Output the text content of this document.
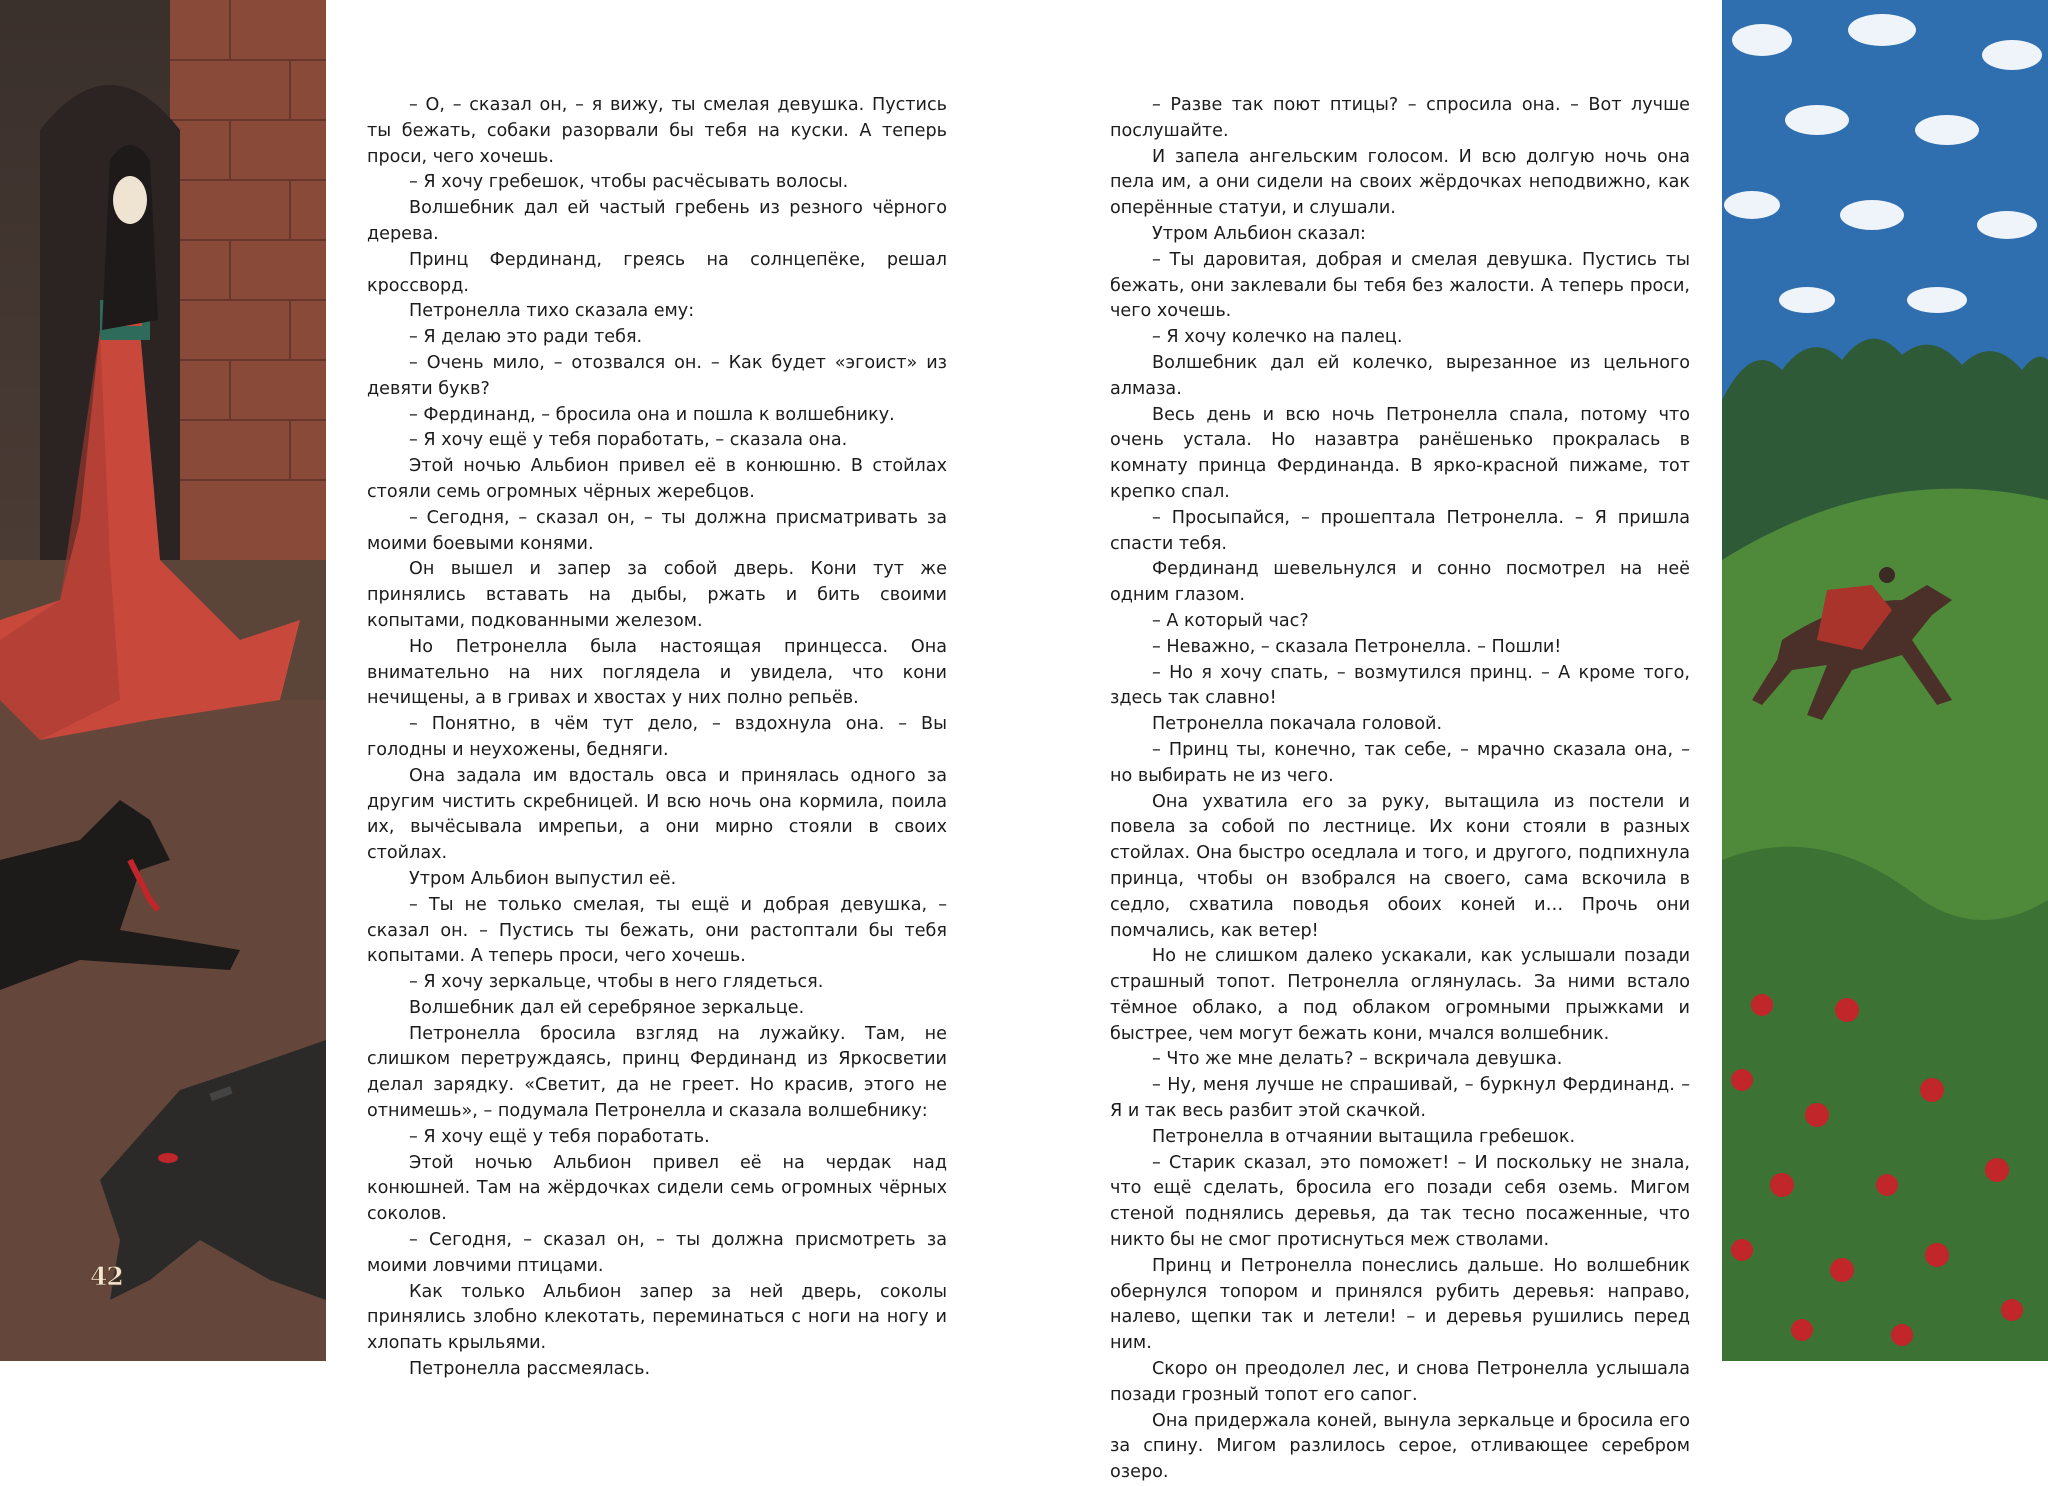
42

– О, – сказал он, – я вижу, ты смелая девушка. Пустись ты бежать, собаки разорвали бы тебя на куски. А теперь проси, чего хочешь.

– Я хочу гребешок, чтобы расчёсывать волосы.

Волшебник дал ей частый гребень из резного чёрного дерева.

Принц Фердинанд, греясь на солнцепёке, решал кроссворд.

Петронелла тихо сказала ему:

– Я делаю это ради тебя.

– Очень мило, – отозвался он. – Как будет «эгоист» из девяти букв?

– Фердинанд, – бросила она и пошла к волшебнику.

– Я хочу ещё у тебя поработать, – сказала она.

Этой ночью Альбион привел её в конюшню. В стойлах стояли семь огромных чёрных жеребцов.

– Сегодня, – сказал он, – ты должна присматривать за моими боевыми конями.

Он вышел и запер за собой дверь. Кони тут же принялись вставать на дыбы, ржать и бить своими копытами, подкованными железом.

Но Петронелла была настоящая принцесса. Она внимательно на них поглядела и увидела, что кони нечищены, а в гривах и хвостах у них полно репьёв.

– Понятно, в чём тут дело, – вздохнула она. – Вы голодны и неухожены, бедняги.

Она задала им вдосталь овса и принялась одного за другим чистить скребницей. И всю ночь она кормила, поила их, вычёсывала имрепьи, а они мирно стояли в своих стойлах.

Утром Альбион выпустил её.

– Ты не только смелая, ты ещё и добрая девушка, – сказал он. – Пустись ты бежать, они растоптали бы тебя копытами. А теперь проси, чего хочешь.

– Я хочу зеркальце, чтобы в него глядеться.

Волшебник дал ей серебряное зеркальце.

Петронелла бросила взгляд на лужайку. Там, не слишком перетруждаясь, принц Фердинанд из Яркосветии делал зарядку. «Светит, да не греет. Но красив, этого не отнимешь», – подумала Петронелла и сказала волшебнику:

– Я хочу ещё у тебя поработать.

Этой ночью Альбион привел её на чердак над конюшней. Там на жёрдочках сидели семь огромных чёрных соколов.

– Сегодня, – сказал он, – ты должна присмотреть за моими ловчими птицами.

Как только Альбион запер за ней дверь, соколы принялись злобно клекотать, переминаться с ноги на ногу и хлопать крыльями.

Петронелла рассмеялась.

– Разве так поют птицы? – спросила она. – Вот лучше послушайте.

И запела ангельским голосом. И всю долгую ночь она пела им, а они сидели на своих жёрдочках неподвижно, как оперённые статуи, и слушали.

Утром Альбион сказал:

– Ты даровитая, добрая и смелая девушка. Пустись ты бежать, они заклевали бы тебя без жалости. А теперь проси, чего хочешь.

– Я хочу колечко на палец.

Волшебник дал ей колечко, вырезанное из цельного алмаза.

Весь день и всю ночь Петронелла спала, потому что очень устала. Но назавтра ранёшенько прокралась в комнату принца Фердинанда. В ярко-красной пижаме, тот крепко спал.

– Просыпайся, – прошептала Петронелла. – Я пришла спасти тебя.

Фердинанд шевельнулся и сонно посмотрел на неё одним глазом.

– А который час?

– Неважно, – сказала Петронелла. – Пошли!

– Но я хочу спать, – возмутился принц. – А кроме того, здесь так славно!

Петронелла покачала головой.

– Принц ты, конечно, так себе, – мрачно сказала она, – но выбирать не из чего.

Она ухватила его за руку, вытащила из постели и повела за собой по лестнице. Их кони стояли в разных стойлах. Она быстро оседлала и того, и другого, подпихнула принца, чтобы он взобрался на своего, сама вскочила в седло, схватила поводья обоих коней и… Прочь они помчались, как ветер!

Но не слишком далеко ускакали, как услышали позади страшный топот. Петронелла оглянулась. За ними встало тёмное облако, а под облаком огромными прыжками и быстрее, чем могут бежать кони, мчался волшебник.

– Что же мне делать? – вскричала девушка.

– Ну, меня лучше не спрашивай, – буркнул Фердинанд. – Я и так весь разбит этой скачкой.

Петронелла в отчаянии вытащила гребешок.

– Старик сказал, это поможет! – И поскольку не знала, что ещё сделать, бросила его позади себя оземь. Мигом стеной поднялись деревья, да так тесно посаженные, что никто бы не смог протиснуться меж стволами.

Принц и Петронелла понеслись дальше. Но волшебник обернулся топором и принялся рубить деревья: направо, налево, щепки так и летели! – и деревья рушились перед ним.

Скоро он преодолел лес, и снова Петронелла услышала позади грозный топот его сапог.

Она придержала коней, вынула зеркальце и бросила его за спину. Мигом разлилось серое, отливающее серебром озеро.
